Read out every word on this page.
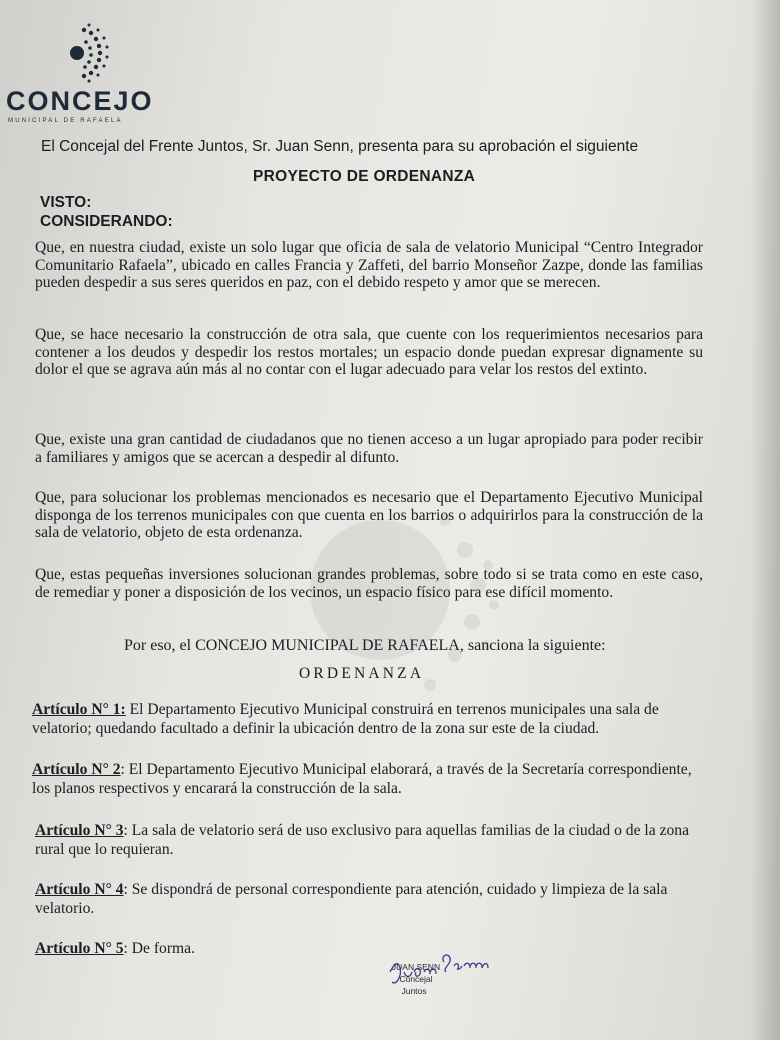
CONCEJO
MUNICIPAL DE RAFAELA
El Concejal del Frente Juntos, Sr. Juan Senn, presenta para su aprobación el siguiente
PROYECTO DE ORDENANZA
VISTO:
CONSIDERANDO:
Que, en nuestra ciudad, existe un solo lugar que oficia de sala de velatorio Municipal “Centro Integrador Comunitario Rafaela”, ubicado en calles Francia y Zaffeti, del barrio Monseñor Zazpe, donde las familias pueden despedir a sus seres queridos en paz, con el debido respeto y amor que se merecen.
Que, se hace necesario la construcción de otra sala, que cuente con los requerimientos necesarios para contener a los deudos y despedir los restos mortales; un espacio donde puedan expresar dignamente su dolor el que se agrava aún más al no contar con el lugar adecuado para velar los restos del extinto.
Que, existe una gran cantidad de ciudadanos que no tienen acceso a un lugar apropiado para poder recibir a familiares y amigos que se acercan a despedir al difunto.
Que, para solucionar los problemas mencionados es necesario que el Departamento Ejecutivo Municipal disponga de los terrenos municipales con que cuenta en los barrios o adquirirlos para la construcción de la sala de velatorio, objeto de esta ordenanza.
Que, estas pequeñas inversiones solucionan grandes problemas, sobre todo si se trata como en este caso, de remediar y poner a disposición de los vecinos, un espacio físico para ese difícil momento.
Por eso, el CONCEJO MUNICIPAL DE RAFAELA, sanciona la siguiente:
ORDENANZA
Artículo N° 1: El Departamento Ejecutivo Municipal construirá en terrenos municipales una sala de velatorio; quedando facultado a definir la ubicación dentro de la zona sur este de la ciudad.
Artículo N° 2: El Departamento Ejecutivo Municipal elaborará, a través de la Secretaría correspondiente, los planos respectivos y encarará la construcción de la sala.
Artículo N° 3: La sala de velatorio será de uso exclusivo para aquellas familias de la ciudad o de la zona rural que lo requieran.
Artículo N° 4: Se dispondrá de personal correspondiente para atención, cuidado y limpieza de la sala velatorio.
Artículo N° 5: De forma.
JUAN SENN
Concejal
Juntos
